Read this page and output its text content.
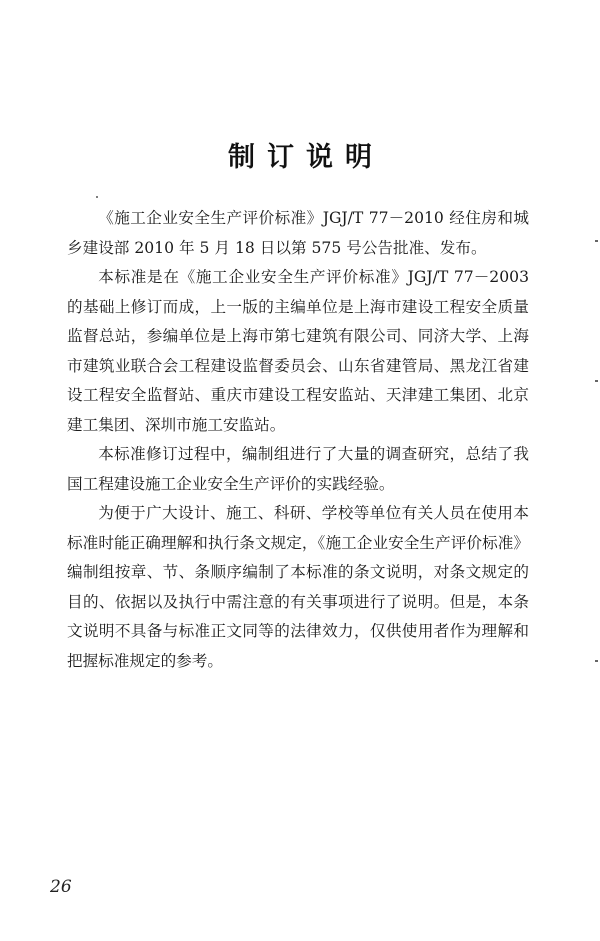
制订说明

《施工企业安全生产评价标准》JGJ/T 77－2010 经住房和城乡建设部 2010 年 5 月 18 日以第 575 号公告批准、发布。

本标准是在《施工企业安全生产评价标准》JGJ/T 77－2003 的基础上修订而成，上一版的主编单位是上海市建设工程安全质量监督总站，参编单位是上海市第七建筑有限公司、同济大学、上海市建筑业联合会工程建设监督委员会、山东省建管局、黑龙江省建设工程安全监督站、重庆市建设工程安监站、天津建工集团、北京建工集团、深圳市施工安监站。

本标准修订过程中，编制组进行了大量的调查研究，总结了我国工程建设施工企业安全生产评价的实践经验。

为便于广大设计、施工、科研、学校等单位有关人员在使用本标准时能正确理解和执行条文规定，《施工企业安全生产评价标准》编制组按章、节、条顺序编制了本标准的条文说明，对条文规定的目的、依据以及执行中需注意的有关事项进行了说明。但是，本条文说明不具备与标准正文同等的法律效力，仅供使用者作为理解和把握标准规定的参考。

26
